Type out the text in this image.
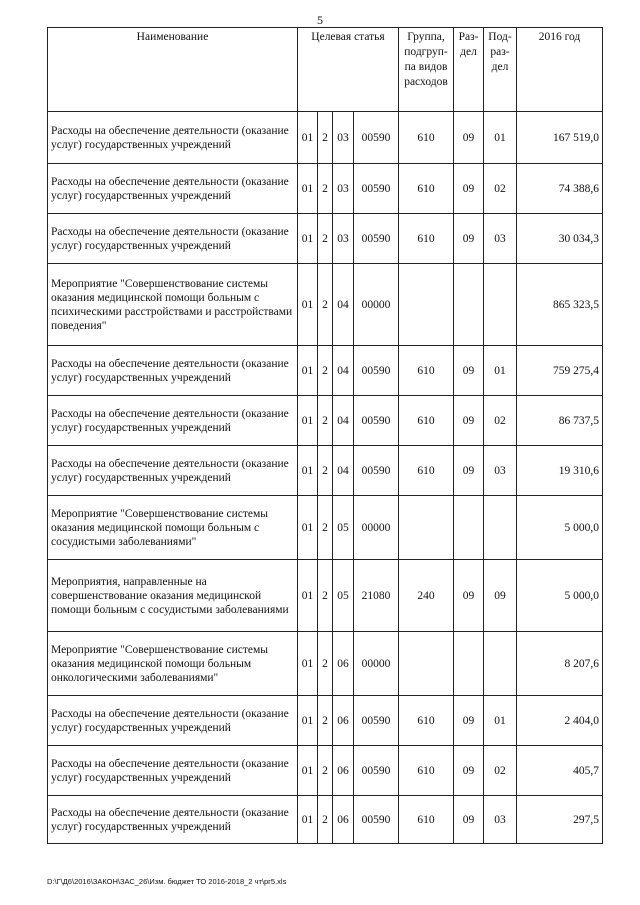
5
Наименование	Целевая статья				Группа, подгруп- па видов расходов	Раз- дел	Под- раз- дел	2016 год
Расходы на обеспечение деятельности (оказание услуг) государственных учреждений	01	2	03	00590	610	09	01	167 519,0
Расходы на обеспечение деятельности (оказание услуг) государственных учреждений	01	2	03	00590	610	09	02	74 388,6
Расходы на обеспечение деятельности (оказание услуг) государственных учреждений	01	2	03	00590	610	09	03	30 034,3
Мероприятие "Совершенствование системы оказания медицинской помощи больным с психическими расстройствами и расстройствами поведения"	01	2	04	00000				865 323,5
Расходы на обеспечение деятельности (оказание услуг) государственных учреждений	01	2	04	00590	610	09	01	759 275,4
Расходы на обеспечение деятельности (оказание услуг) государственных учреждений	01	2	04	00590	610	09	02	86 737,5
Расходы на обеспечение деятельности (оказание услуг) государственных учреждений	01	2	04	00590	610	09	03	19 310,6
Мероприятие "Совершенствование системы оказания медицинской помощи больным с сосудистыми заболеваниями"	01	2	05	00000				5 000,0
Мероприятия, направленные на совершенствование оказания медицинской помощи больным с сосудистыми заболеваниями	01	2	05	21080	240	09	09	5 000,0
Мероприятие "Совершенствование системы оказания медицинской помощи больным онкологическими заболеваниями"	01	2	06	00000				8 207,6
Расходы на обеспечение деятельности (оказание услуг) государственных учреждений	01	2	06	00590	610	09	01	2 404,0
Расходы на обеспечение деятельности (оказание услуг) государственных учреждений	01	2	06	00590	610	09	02	405,7
Расходы на обеспечение деятельности (оказание услуг) государственных учреждений	01	2	06	00590	610	09	03	297,5
D:\Г\Д6\2016\ЗАКОН\ЗАС_26\Изм. бюджет ТО 2016-2018_2 чт\рг5.xls
